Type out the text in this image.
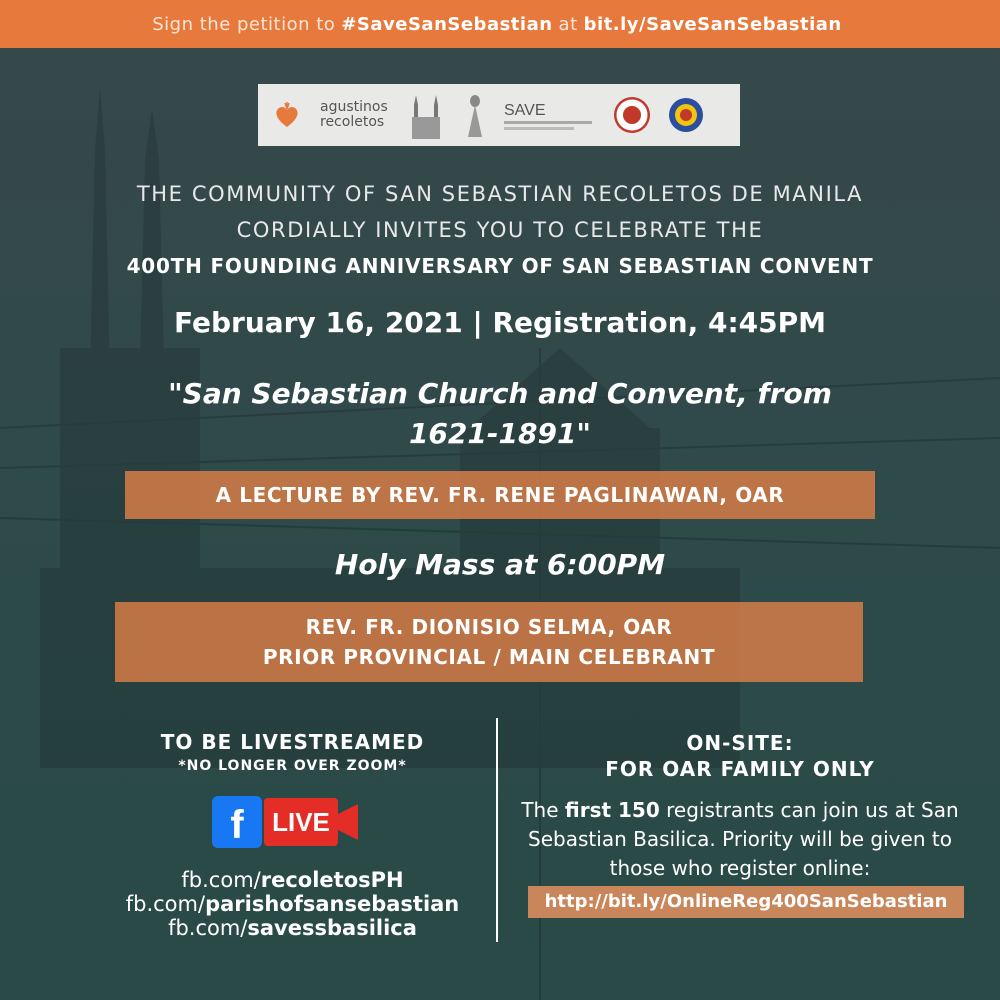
Sign the petition to #SaveSanSebastian at bit.ly/SaveSanSebastian
agustinos
recoletos
SAVE
THE COMMUNITY OF SAN SEBASTIAN RECOLETOS DE MANILA
CORDIALLY INVITES YOU TO CELEBRATE THE
400TH FOUNDING ANNIVERSARY OF SAN SEBASTIAN CONVENT
February 16, 2021 | Registration, 4:45PM
"San Sebastian Church and Convent, from 1621-1891"
A LECTURE BY REV. FR. RENE PAGLINAWAN, OAR
Holy Mass at 6:00PM
REV. FR. DIONISIO SELMA, OAR
PRIOR PROVINCIAL / MAIN CELEBRANT
TO BE LIVESTREAMED
*NO LONGER OVER ZOOM*
f LIVE
fb.com/recoletosPH
fb.com/parishofsansebastian
fb.com/savessbasilica
ON-SITE:
FOR OAR FAMILY ONLY
The first 150 registrants can join us at San Sebastian Basilica. Priority will be given to those who register online:
http://bit.ly/OnlineReg400SanSebastian
